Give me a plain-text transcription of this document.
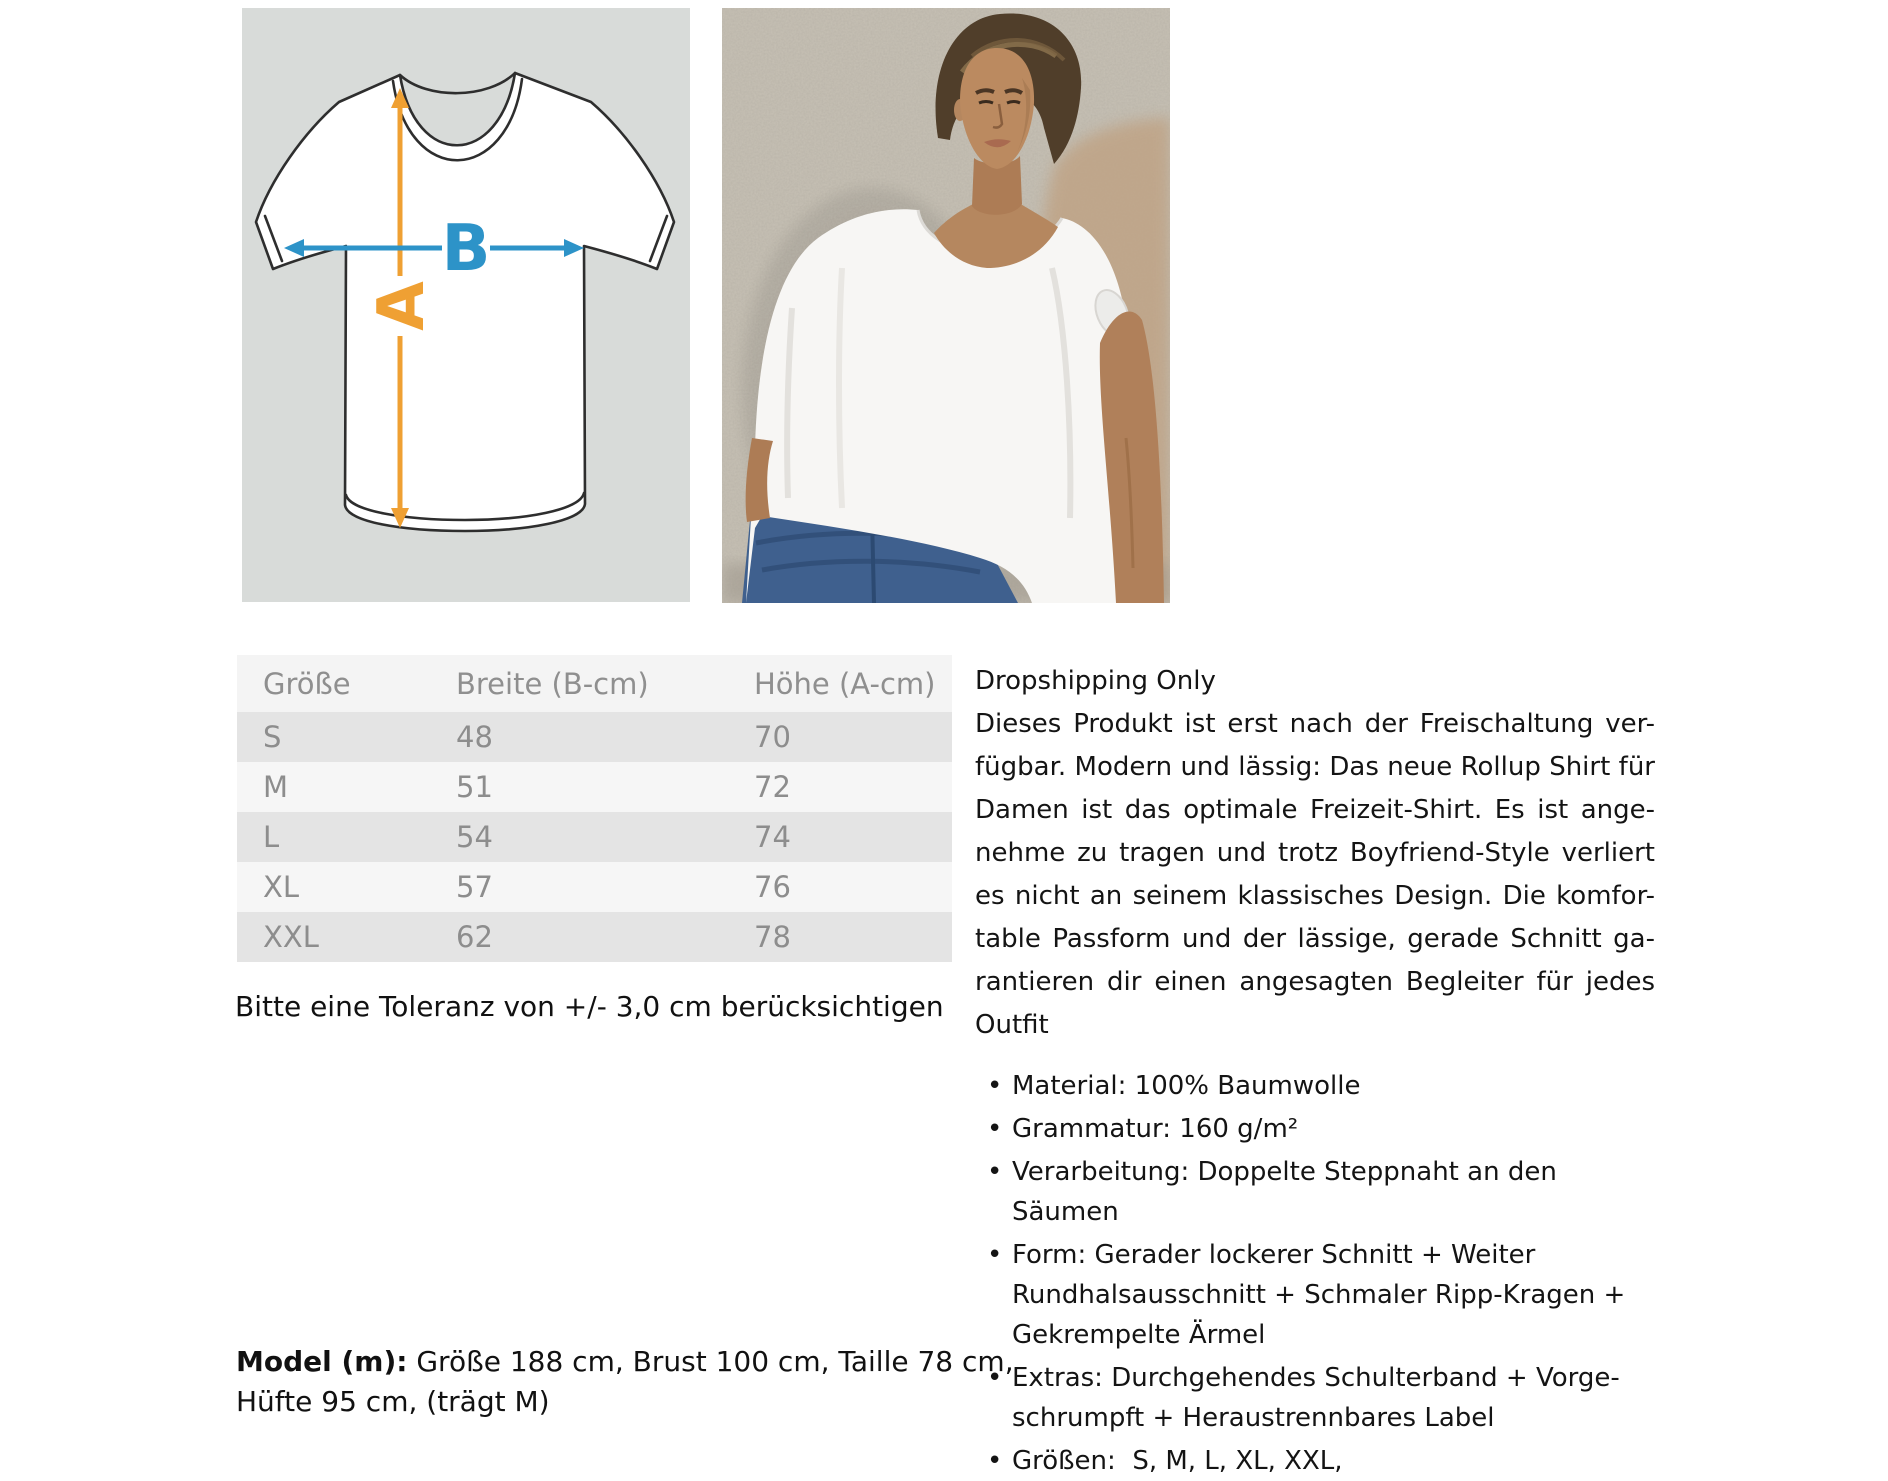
A
B
Größe	Breite (B-cm)	Höhe (A-cm)
S	48	70
M	51	72
L	54	74
XL	57	76
XXL	62	78
Bitte eine Toleranz von +/- 3,0 cm berücksichtigen
Model (m): Größe 188 cm, Brust 100 cm, Taille 78 cm, Hüfte 95 cm, (trägt M)
Dropshipping Only
Dieses Produkt ist erst nach der Freischaltung ver-
fügbar. Modern und lässig: Das neue Rollup Shirt für
Damen ist das optimale Freizeit-Shirt. Es ist ange-
nehme zu tragen und trotz Boyfriend-Style verliert
es nicht an seinem klassisches Design. Die komfor-
table Passform und der lässige, gerade Schnitt ga-
rantieren dir einen angesagten Begleiter für jedes
Outfit
• Material: 100% Baumwolle
• Grammatur: 160 g/m²
• Verarbeitung: Doppelte Steppnaht an den Säumen
• Form: Gerader lockerer Schnitt + Weiter Rundhalsausschnitt + Schmaler Ripp-Kragen + Gekrempelte Ärmel
• Extras: Durchgehendes Schulterband + Vorgeschrumpft + Heraustrennbares Label
• Größen:  S, M, L, XL, XXL,
